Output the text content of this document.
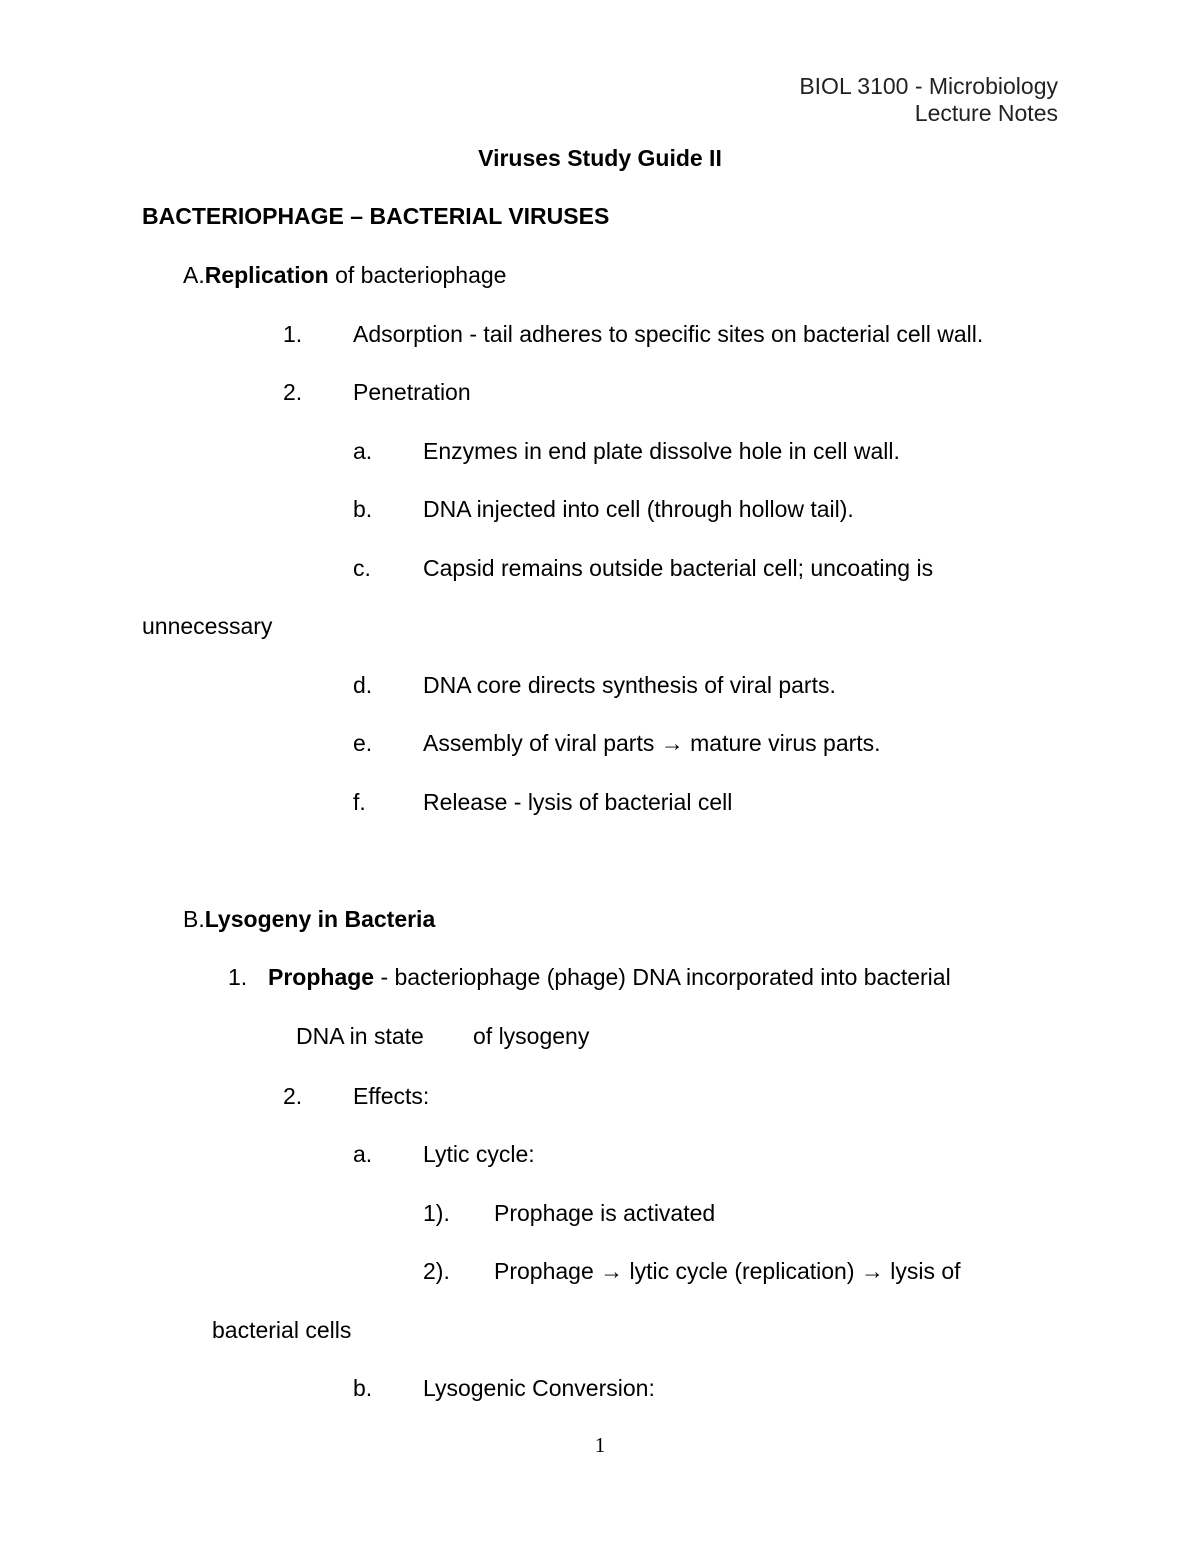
BIOL 3100 - Microbiology
Lecture Notes
Viruses Study Guide II
BACTERIOPHAGE – BACTERIAL VIRUSES
A.Replication of bacteriophage
1. Adsorption - tail adheres to specific sites on bacterial cell wall.
2. Penetration
a. Enzymes in end plate dissolve hole in cell wall.
b. DNA injected into cell (through hollow tail).
c. Capsid remains outside bacterial cell; uncoating is
unnecessary
d. DNA core directs synthesis of viral parts.
e. Assembly of viral parts → mature virus parts.
f. Release - lysis of bacterial cell
B.Lysogeny in Bacteria
1. Prophage - bacteriophage (phage) DNA incorporated into bacterial
DNA in state of lysogeny
2. Effects:
a. Lytic cycle:
1). Prophage is activated
2). Prophage → lytic cycle (replication) → lysis of
bacterial cells
b. Lysogenic Conversion:
1
